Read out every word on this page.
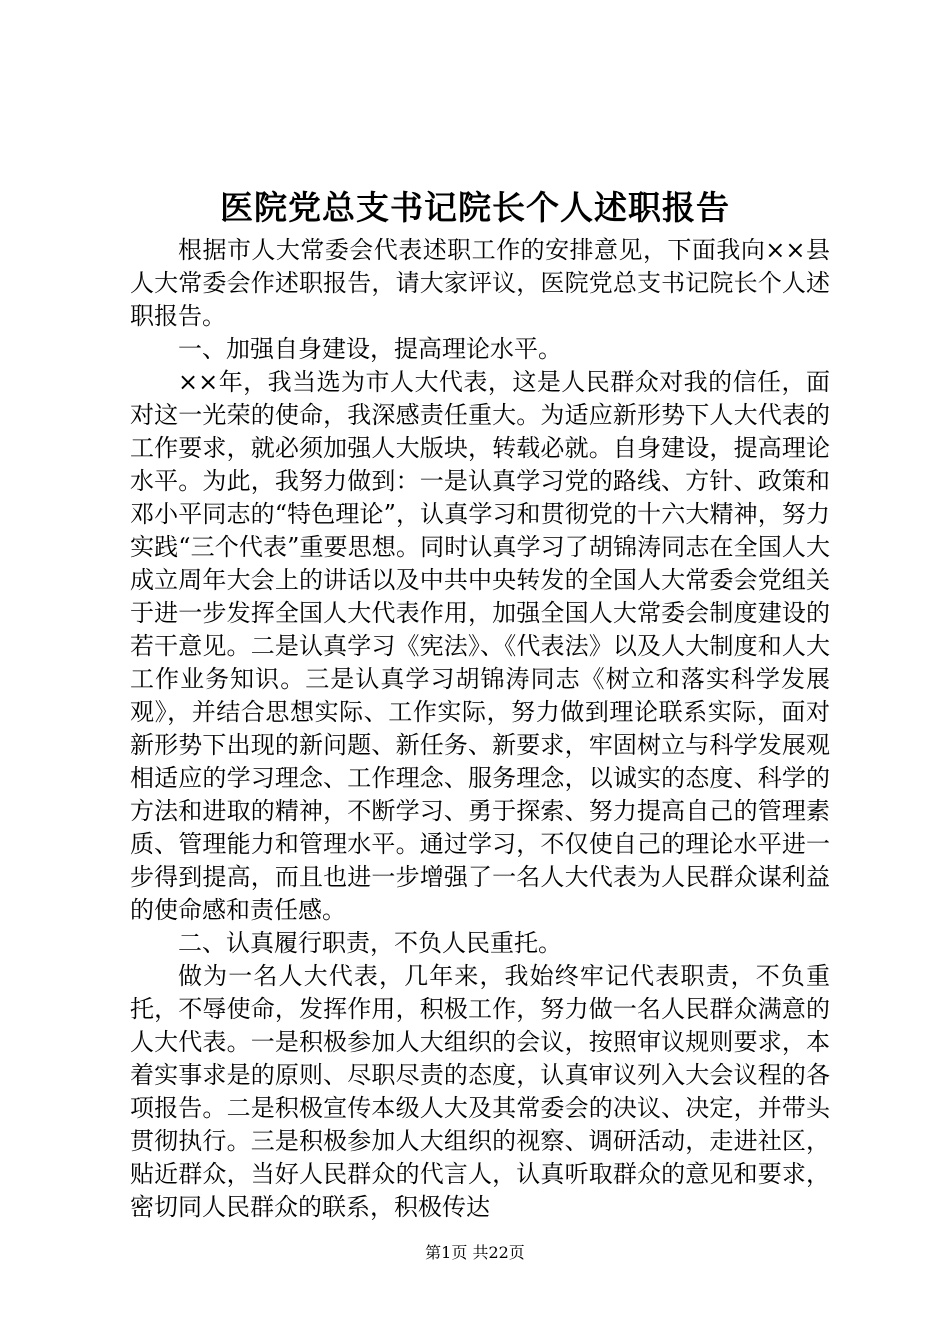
医院党总支书记院长个人述职报告

根据市人大常委会代表述职工作的安排意见，下面我向××县人大常委会作述职报告，请大家评议，医院党总支书记院长个人述职报告。

一、加强自身建设，提高理论水平。

××年，我当选为市人大代表，这是人民群众对我的信任，面对这一光荣的使命，我深感责任重大。为适应新形势下人大代表的工作要求，就必须加强人大版块，转载必就。自身建设，提高理论水平。为此，我努力做到：一是认真学习党的路线、方针、政策和邓小平同志的“特色理论”，认真学习和贯彻党的十六大精神，努力实践“三个代表”重要思想。同时认真学习了胡锦涛同志在全国人大成立周年大会上的讲话以及中共中央转发的全国人大常委会党组关于进一步发挥全国人大代表作用，加强全国人大常委会制度建设的若干意见。二是认真学习《宪法》、《代表法》以及人大制度和人大工作业务知识。三是认真学习胡锦涛同志《树立和落实科学发展观》，并结合思想实际、工作实际，努力做到理论联系实际，面对新形势下出现的新问题、新任务、新要求，牢固树立与科学发展观相适应的学习理念、工作理念、服务理念，以诚实的态度、科学的方法和进取的精神，不断学习、勇于探索、努力提高自己的管理素质、管理能力和管理水平。通过学习，不仅使自己的理论水平进一步得到提高，而且也进一步增强了一名人大代表为人民群众谋利益的使命感和责任感。

二、认真履行职责，不负人民重托。

做为一名人大代表，几年来，我始终牢记代表职责，不负重托，不辱使命，发挥作用，积极工作，努力做一名人民群众满意的人大代表。一是积极参加人大组织的会议，按照审议规则要求，本着实事求是的原则、尽职尽责的态度，认真审议列入大会议程的各项报告。二是积极宣传本级人大及其常委会的决议、决定，并带头贯彻执行。三是积极参加人大组织的视察、调研活动，走进社区，贴近群众，当好人民群众的代言人，认真听取群众的意见和要求，密切同人民群众的联系，积极传达

第1页 共22页
